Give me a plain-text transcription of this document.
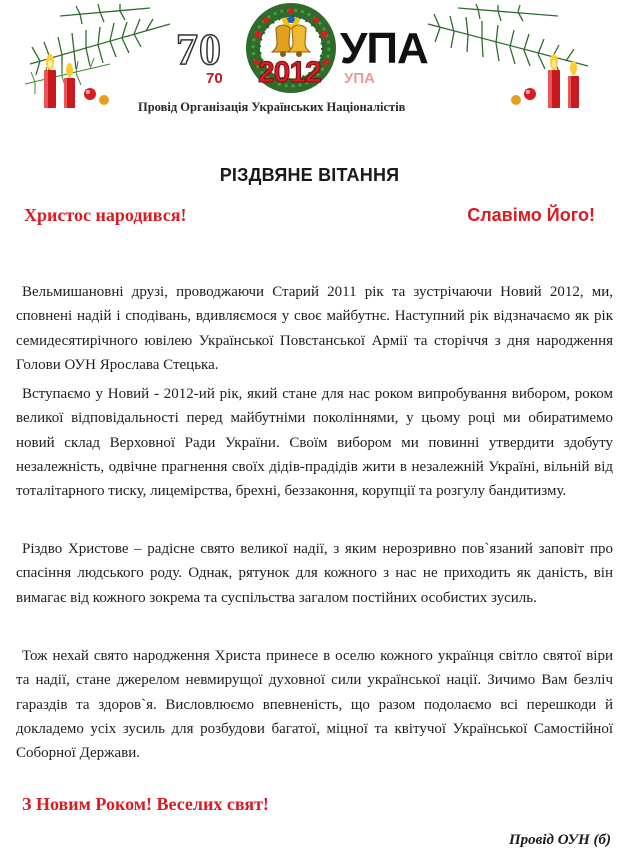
70
70 2012 УПА
УПА
Провід Організація Українських Націоналістів
РІЗДВЯНЕ ВІТАННЯ
Христос народився!	Славімо Його!

Вельмишановні друзі, проводжаючи Старий 2011 рік та зустрічаючи Новий 2012, ми, сповнені надій і сподівань, вдивляємося у своє майбутнє. Наступний рік відзначаємо як рік семидесятирічного ювілею Української Повстанської Армії та сторіччя з дня народження Голови ОУН Ярослава Стецька.

Вступаємо у Новий - 2012-ий рік, який стане для нас роком випробування вибором, роком великої відповідальності перед майбутніми поколіннями, у цьому році ми обиратимемо новий склад Верховної Ради України. Своїм вибором ми повинні утвердити здобуту незалежність, одвічне прагнення своїх дідів-прадідів жити в незалежній Україні, вільній від тоталітарного тиску, лицемірства, брехні, беззаконня, корупції та розгулу бандитизму.

Різдво Христове – радісне свято великої надії, з яким нерозривно пов`язаний заповіт про спасіння людського роду. Однак, рятунок для кожного з нас не приходить як даність, він вимагає від кожного зокрема та суспільства загалом постійних особистих зусиль.

Тож нехай свято народження Христа принесе в оселю кожного українця світло святої віри та надії, стане джерелом невмирущої духовної сили української нації. Зичимо Вам безліч гараздів та здоров`я. Висловлюємо впевненість, що разом подолаємо всі перешкоди й докладемо усіх зусиль для розбудови багатої, міцної та квітучої Української Самостійної Соборної Держави.

З Новим Роком! Веселих свят!
Провід ОУН (б)
